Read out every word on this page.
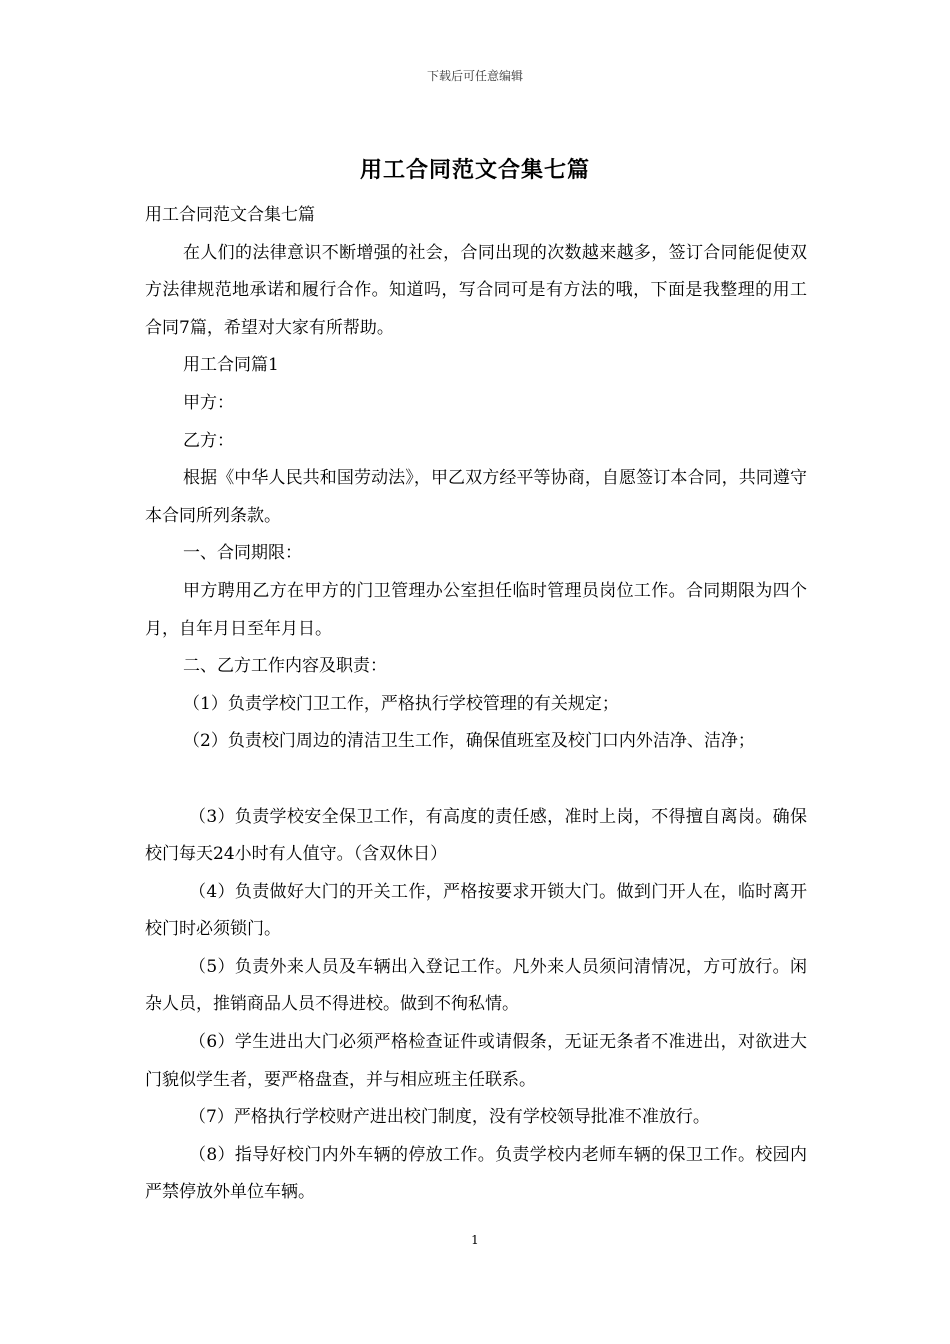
下载后可任意编辑
用工合同范文合集七篇

用工合同范文合集七篇

在人们的法律意识不断增强的社会，合同出现的次数越来越多，签订合同能促使双方法律规范地承诺和履行合作。知道吗，写合同可是有方法的哦，下面是我整理的用工合同7篇，希望对大家有所帮助。

用工合同篇1

甲方：

乙方：

根据《中华人民共和国劳动法》，甲乙双方经平等协商，自愿签订本合同，共同遵守本合同所列条款。

一、合同期限：

甲方聘用乙方在甲方的门卫管理办公室担任临时管理员岗位工作。合同期限为四个月，自年月日至年月日。

二、乙方工作内容及职责：

（1）负责学校门卫工作，严格执行学校管理的有关规定；

（2）负责校门周边的清洁卫生工作，确保值班室及校门口内外洁净、洁净；

（3）负责学校安全保卫工作，有高度的责任感，准时上岗，不得擅自离岗。确保校门每天24小时有人值守。（含双休日）

（4）负责做好大门的开关工作，严格按要求开锁大门。做到门开人在，临时离开校门时必须锁门。

（5）负责外来人员及车辆出入登记工作。凡外来人员须问清情况，方可放行。闲杂人员，推销商品人员不得进校。做到不徇私情。

（6）学生进出大门必须严格检查证件或请假条，无证无条者不准进出，对欲进大门貌似学生者，要严格盘查，并与相应班主任联系。

（7）严格执行学校财产进出校门制度，没有学校领导批准不准放行。

（8）指导好校门内外车辆的停放工作。负责学校内老师车辆的保卫工作。校园内严禁停放外单位车辆。

1
